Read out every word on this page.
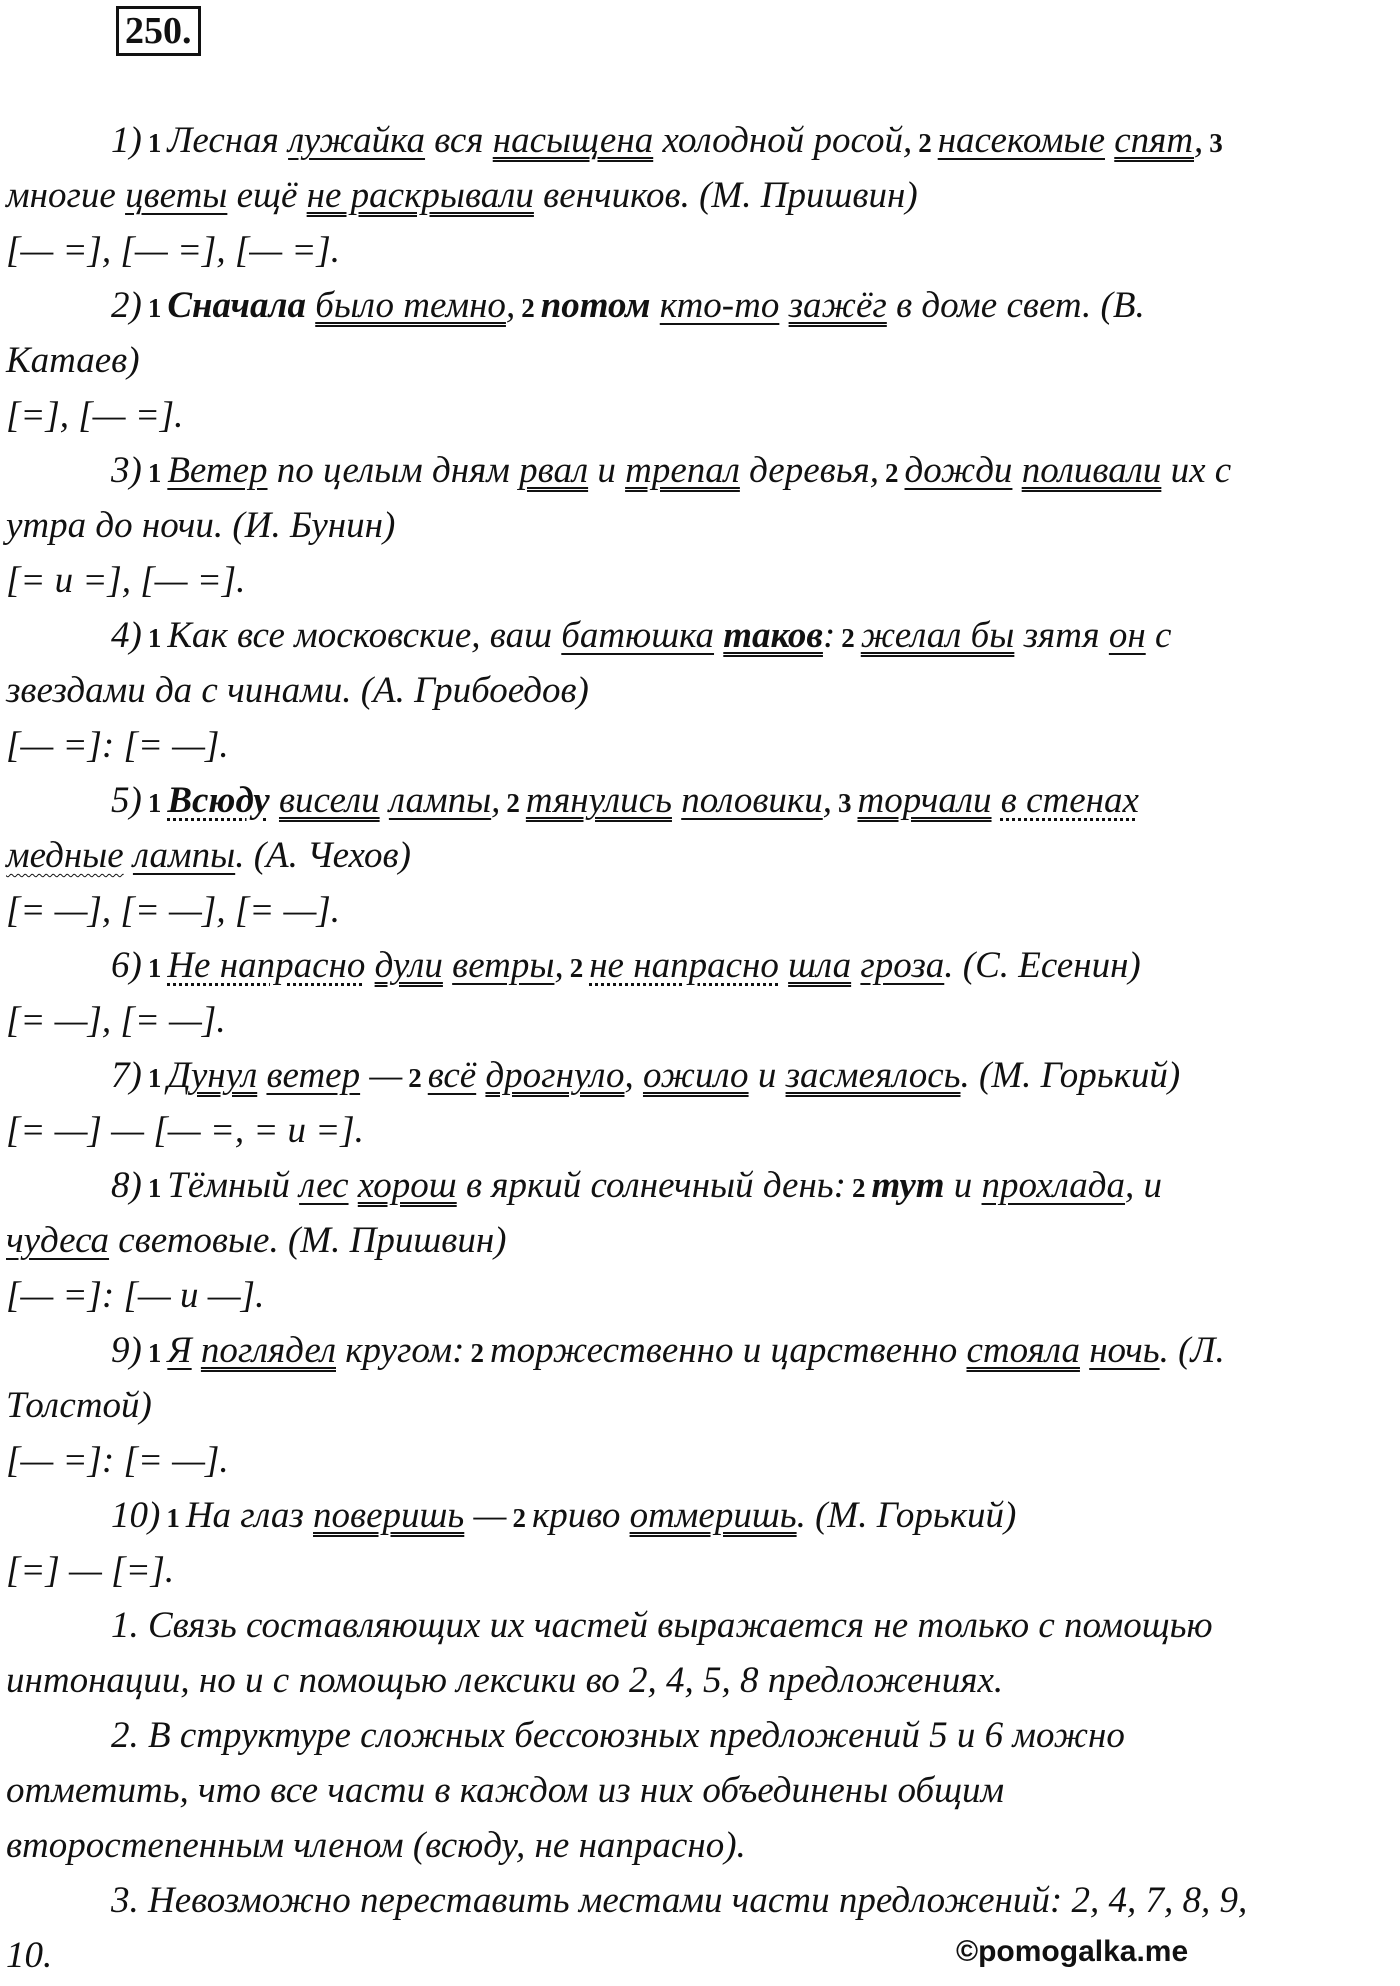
250.
1) 1 Лесная лужайка вся насыщена холодной росой, 2 насекомые спят, 3
многие цветы ещё не раскрывали венчиков. (М. Пришвин)
[— =], [— =], [— =].
2) 1 Сначала было темно, 2 потом кто-то зажёг в доме свет. (В.
Катаев)
[=], [— =].
3) 1 Ветер по целым дням рвал и трепал деревья, 2 дожди поливали их с
утра до ночи. (И. Бунин)
[= и =], [— =].
4) 1 Как все московские, ваш батюшка таков: 2 желал бы зятя он с
звездами да с чинами. (А. Грибоедов)
[— =]: [= —].
5) 1 Всюду висели лампы, 2 тянулись половики, 3 торчали в стенах
медные лампы. (А. Чехов)
[= —], [= —], [= —].
6) 1 Не напрасно дули ветры, 2 не напрасно шла гроза. (С. Есенин)
[= —], [= —].
7) 1 Дунул ветер — 2 всё дрогнуло, ожило и засмеялось. (М. Горький)
[= —] — [— =, = и =].
8) 1 Тёмный лес хорош в яркий солнечный день: 2 тут и прохлада, и
чудеса световые. (М. Пришвин)
[— =]: [— и —].
9) 1 Я поглядел кругом: 2 торжественно и царственно стояла ночь. (Л.
Толстой)
[— =]: [= —].
10) 1 На глаз поверишь — 2 криво отмеришь. (М. Горький)
[=] — [=].
1. Связь составляющих их частей выражается не только с помощью
интонации, но и с помощью лексики во 2, 4, 5, 8 предложениях.
2. В структуре сложных бессоюзных предложений 5 и 6 можно
отметить, что все части в каждом из них объединены общим
второстепенным членом (всюду, не напрасно).
3. Невозможно переставить местами части предложений: 2, 4, 7, 8, 9,
10.	©pomogalka.me
